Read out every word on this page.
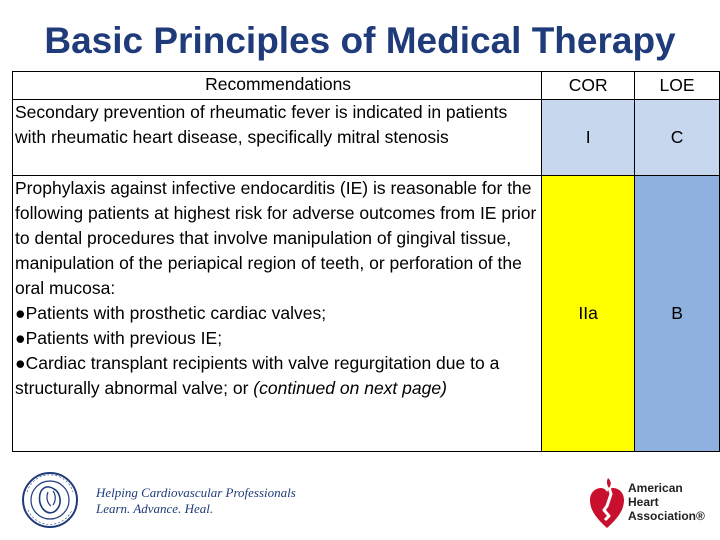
Basic Principles of Medical Therapy
Recommendations	COR	LOE
Secondary prevention of rheumatic fever is indicated in patients with rheumatic heart disease, specifically mitral stenosis	I	C

Prophylaxis against infective endocarditis (IE) is reasonable for the following patients at highest risk for adverse outcomes from IE prior to dental procedures that involve manipulation of gingival tissue, manipulation of the periapical region of teeth, or perforation of the oral mucosa:
●Patients with prosthetic cardiac valves;
●Patients with previous IE;
●Cardiac transplant recipients with valve regurgitation due to a structurally abnormal valve; or (continued on next page)	IIa	B
Helping Cardiovascular Professionals
Learn. Advance. Heal.
American
Heart
Association®
